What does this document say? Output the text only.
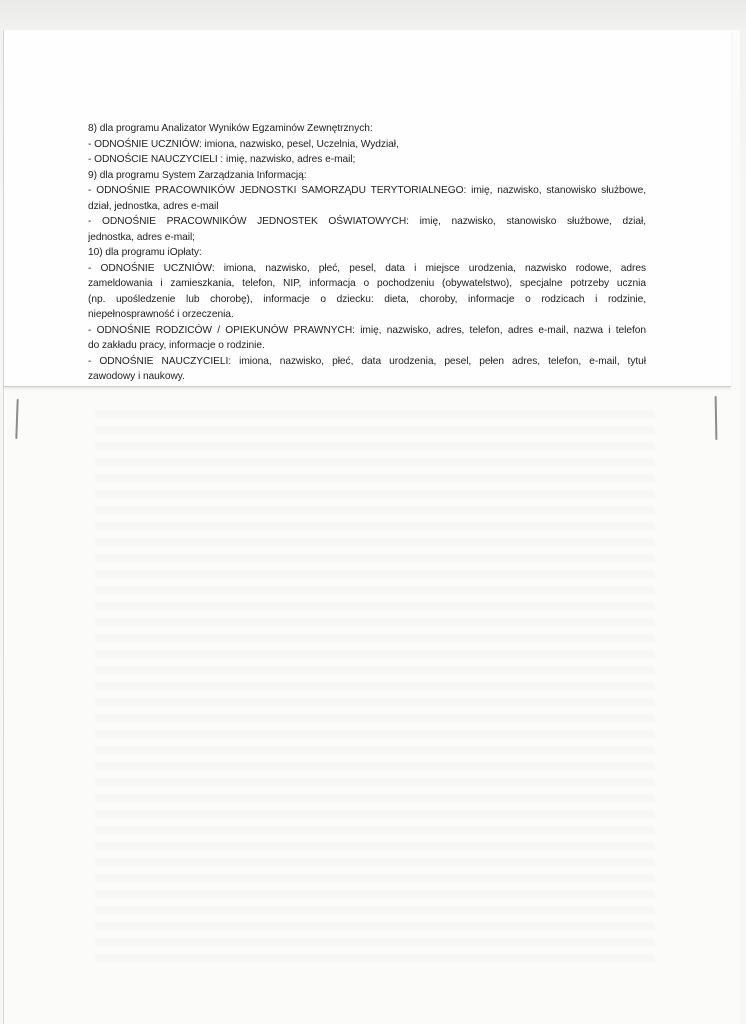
8) dla programu Analizator Wyników Egzaminów Zewnętrznych:
- ODNOŚNIE UCZNIÓW: imiona, nazwisko, pesel, Uczelnia, Wydział,
- ODNOŚCIE NAUCZYCIELI : imię, nazwisko, adres e-mail;
9) dla programu System Zarządzania Informacją:
- ODNOŚNIE PRACOWNIKÓW JEDNOSTKI SAMORZĄDU TERYTORIALNEGO: imię, nazwisko, stanowisko służbowe,
dział, jednostka, adres e-mail
- ODNOŚNIE PRACOWNIKÓW JEDNOSTEK OŚWIATOWYCH: imię, nazwisko, stanowisko służbowe, dział,
jednostka, adres e-mail;
10) dla programu iOpłaty:
- ODNOŚNIE UCZNIÓW: imiona, nazwisko, płeć, pesel, data i miejsce urodzenia, nazwisko rodowe, adres
zameldowania i zamieszkania, telefon, NIP, informacja o pochodzeniu (obywatelstwo), specjalne potrzeby ucznia
(np. upośledzenie lub chorobę), informacje o dziecku: dieta, choroby, informacje o rodzicach i rodzinie,
niepełnosprawność i orzeczenia.
- ODNOŚNIE RODZICÓW / OPIEKUNÓW PRAWNYCH: imię, nazwisko, adres, telefon, adres e-mail, nazwa i telefon
do zakładu pracy, informacje o rodzinie.
- ODNOŚNIE NAUCZYCIELI: imiona, nazwisko, płeć, data urodzenia, pesel, pełen adres, telefon, e-mail, tytuł
zawodowy i naukowy.
